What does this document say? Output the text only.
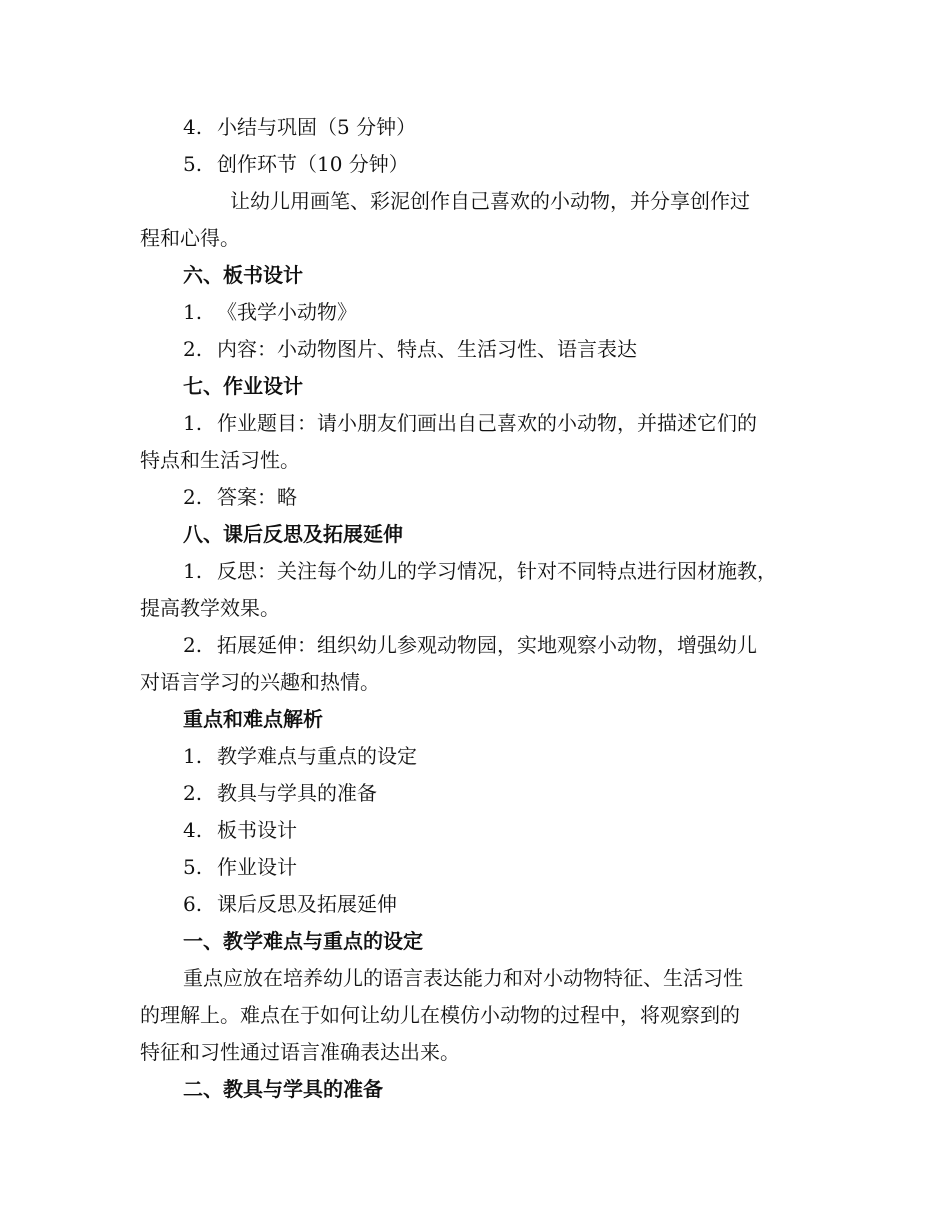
4. 小结与巩固（5 分钟）
5. 创作环节（10 分钟）
让幼儿用画笔、彩泥创作自己喜欢的小动物，并分享创作过
程和心得。
六、板书设计
1. 《我学小动物》
2. 内容：小动物图片、特点、生活习性、语言表达
七、作业设计
1. 作业题目：请小朋友们画出自己喜欢的小动物，并描述它们的
特点和生活习性。
2. 答案：略
八、课后反思及拓展延伸
1. 反思：关注每个幼儿的学习情况，针对不同特点进行因材施教，
提高教学效果。
2. 拓展延伸：组织幼儿参观动物园，实地观察小动物，增强幼儿
对语言学习的兴趣和热情。
重点和难点解析
1. 教学难点与重点的设定
2. 教具与学具的准备
4. 板书设计
5. 作业设计
6. 课后反思及拓展延伸
一、教学难点与重点的设定
重点应放在培养幼儿的语言表达能力和对小动物特征、生活习性
的理解上。难点在于如何让幼儿在模仿小动物的过程中，将观察到的
特征和习性通过语言准确表达出来。
二、教具与学具的准备
